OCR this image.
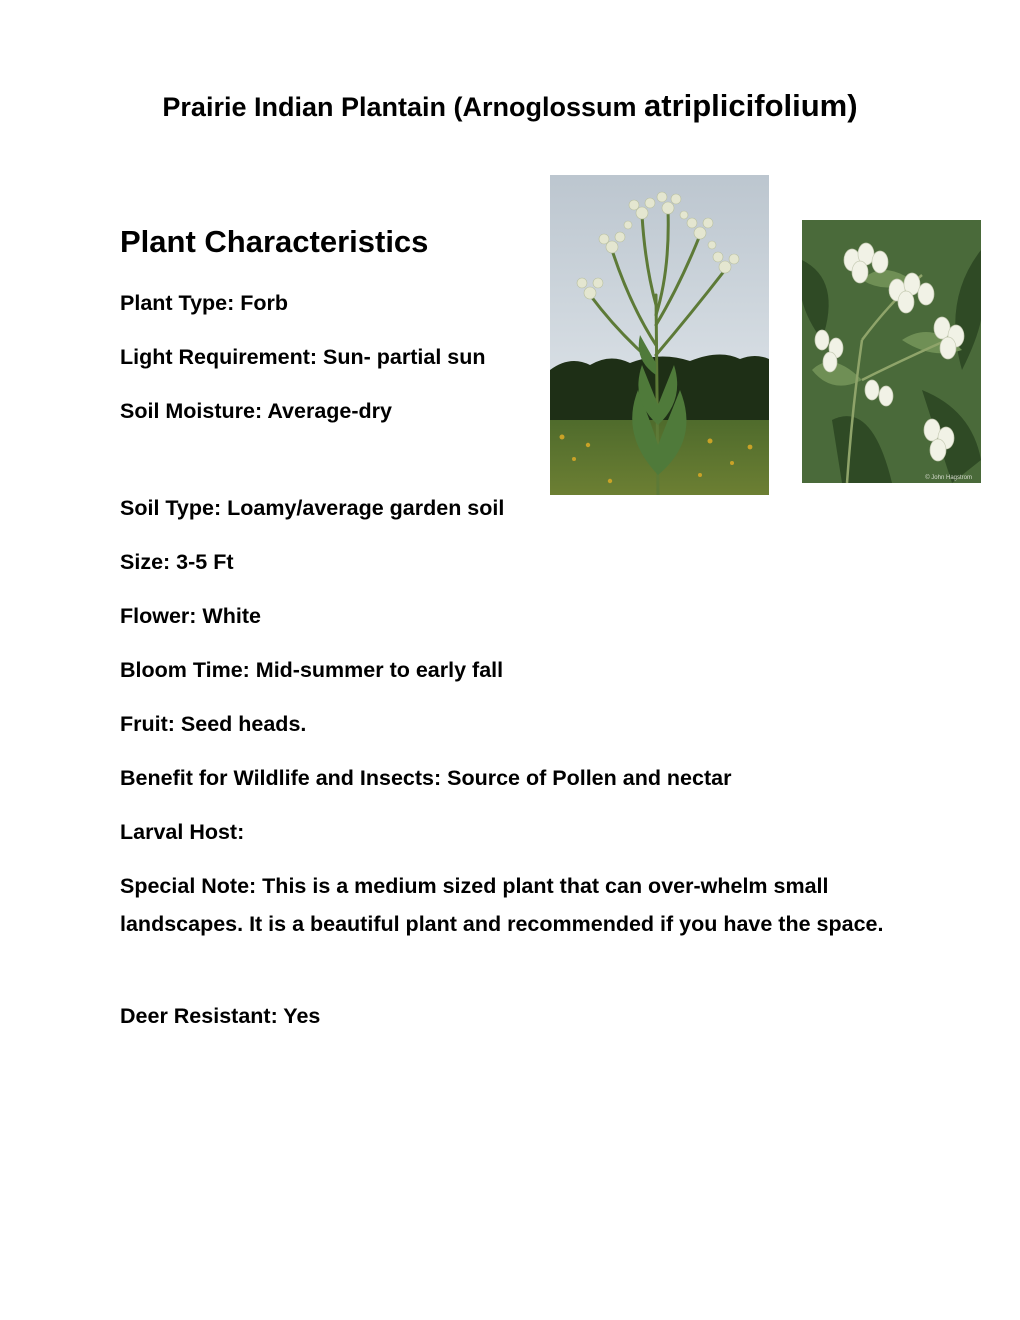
Prairie Indian Plantain (Arnoglossum atriplicifolium)
Plant Characteristics
Plant Type: Forb
Light Requirement: Sun- partial sun
Soil Moisture: Average-dry
Soil Type: Loamy/average garden soil
Size: 3-5 Ft
Flower: White
Bloom Time: Mid-summer to early fall
Fruit: Seed heads.
Benefit for Wildlife and Insects: Source of Pollen and nectar
Larval Host:
Special Note: This is a medium sized plant that can over-whelm small landscapes. It is a beautiful plant and recommended if you have the space.
Deer Resistant: Yes
© John Hagstrom
